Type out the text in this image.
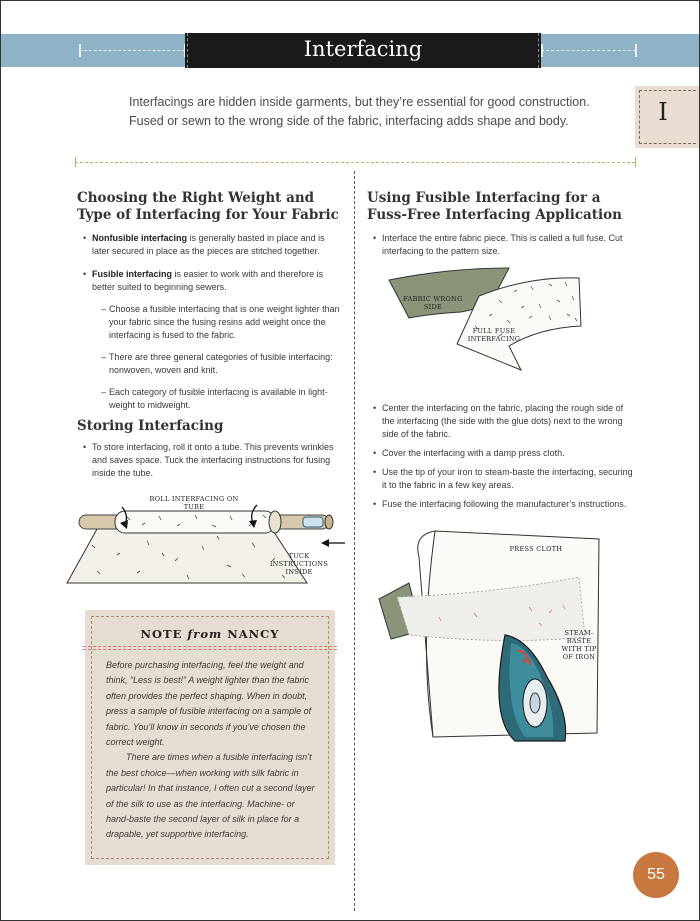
Interfacing
Interfacings are hidden inside garments, but they’re essential for good construction. Fused or sewn to the wrong side of the fabric, interfacing adds shape and body.	I
Choosing the Right Weight and Type of Interfacing for Your Fabric
• Nonfusible interfacing is generally basted in place and is later secured in place as the pieces are stitched together.
• Fusible interfacing is easier to work with and therefore is better suited to beginning sewers.
– Choose a fusible interfacing that is one weight lighter than your fabric since the fusing resins add weight once the interfacing is fused to the fabric.
– There are three general categories of fusible interfacing: nonwoven, woven and knit.
– Each category of fusible interfacing is available in light-weight to midweight.
Storing Interfacing
• To store interfacing, roll it onto a tube. This prevents wrinkles and saves space. Tuck the interfacing instructions for fusing inside the tube.
ROLL INTERFACING ON TUBE
TUCK INSTRUCTIONS INSIDE
NOTE from NANCY

Before purchasing interfacing, feel the weight and think, “Less is best!” A weight lighter than the fabric often provides the perfect shaping. When in doubt, press a sample of fusible interfacing on a sample of fabric. You’ll know in seconds if you’ve chosen the correct weight.

There are times when a fusible interfacing isn’t the best choice—when working with silk fabric in particular! In that instance, I often cut a second layer of the silk to use as the interfacing. Machine- or hand-baste the second layer of silk in place for a drapable, yet supportive interfacing.

Using Fusible Interfacing for a Fuss-Free Interfacing Application
• Interface the entire fabric piece. This is called a full fuse. Cut interfacing to the pattern size.
FABRIC WRONG SIDE
FULL FUSE INTERFACING
• Center the interfacing on the fabric, placing the rough side of the interfacing (the side with the glue dots) next to the wrong side of the fabric.
• Cover the interfacing with a damp press cloth.
• Use the tip of your iron to steam-baste the interfacing, securing it to the fabric in a few key areas.
• Fuse the interfacing following the manufacturer’s instructions.
PRESS CLOTH
STEAM-BASTE WITH TIP OF IRON
55
